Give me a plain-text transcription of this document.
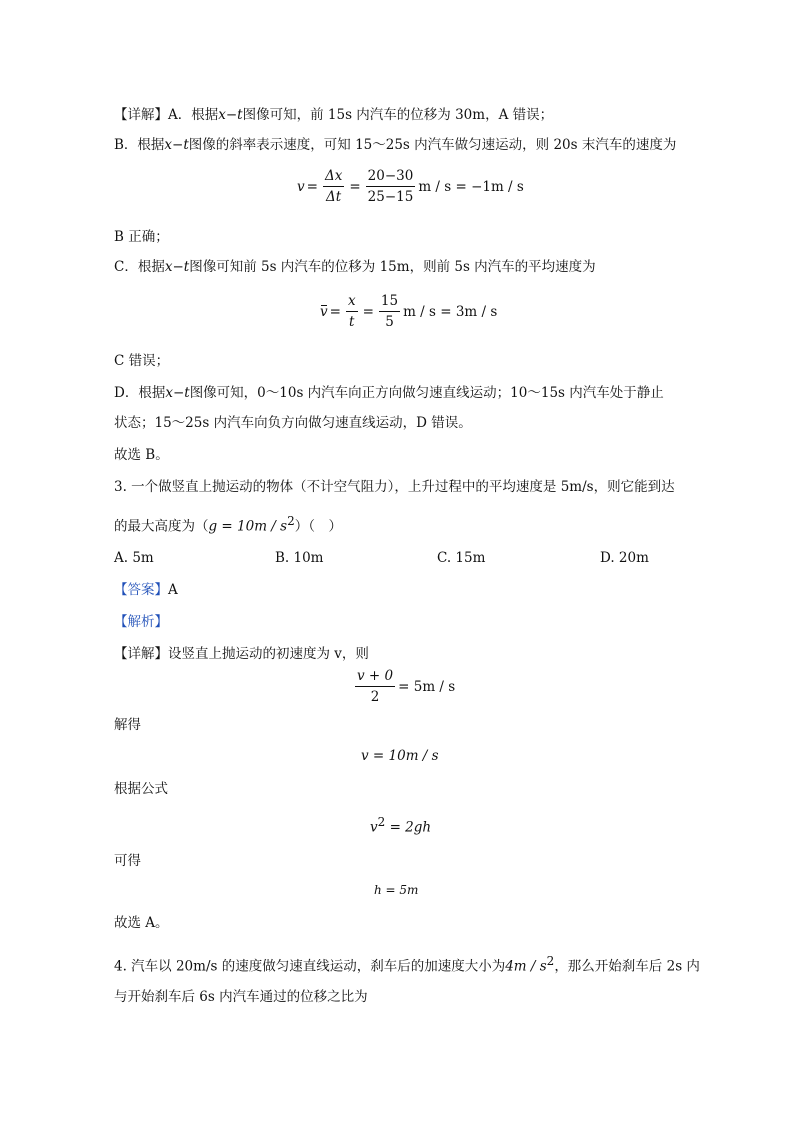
【详解】A．根据x−t图像可知，前 15s 内汽车的位移为 30m，A 错误；
B．根据x−t图像的斜率表示速度，可知 15～25s 内汽车做匀速运动，则 20s 末汽车的速度为
$v = \frac{\Delta x}{\Delta t} = \frac{20-30}{25-15}$ m / s = −1m / s
B 正确；
C．根据x−t图像可知前 5s 内汽车的位移为 15m，则前 5s 内汽车的平均速度为
$v = \frac{x}{t} = \frac{15}{5}$ m / s = 3m / s
C 错误；
D．根据x−t图像可知，0～10s 内汽车向正方向做匀速直线运动；10～15s 内汽车处于静止
状态；15～25s 内汽车向负方向做匀速直线运动，D 错误。
故选 B。
3. 一个做竖直上抛运动的物体（不计空气阻力），上升过程中的平均速度是 5m/s，则它能到达
的最大高度为$(g = 10m / s^2)$（　）
A. 5m	B. 10m	C. 15m	D. 20m
【答案】A
【解析】
【详解】设竖直上抛运动的初速度为 v，则
$\frac{v + 0}{2} = 5m / s$
解得
v = 10m / s
根据公式
$v^2 = 2gh$
可得
h = 5m
故选 A。
4. 汽车以 20m/s 的速度做匀速直线运动，刹车后的加速度大小为$4m / s^2$，那么开始刹车后 2s 内
与开始刹车后 6s 内汽车通过的位移之比为
